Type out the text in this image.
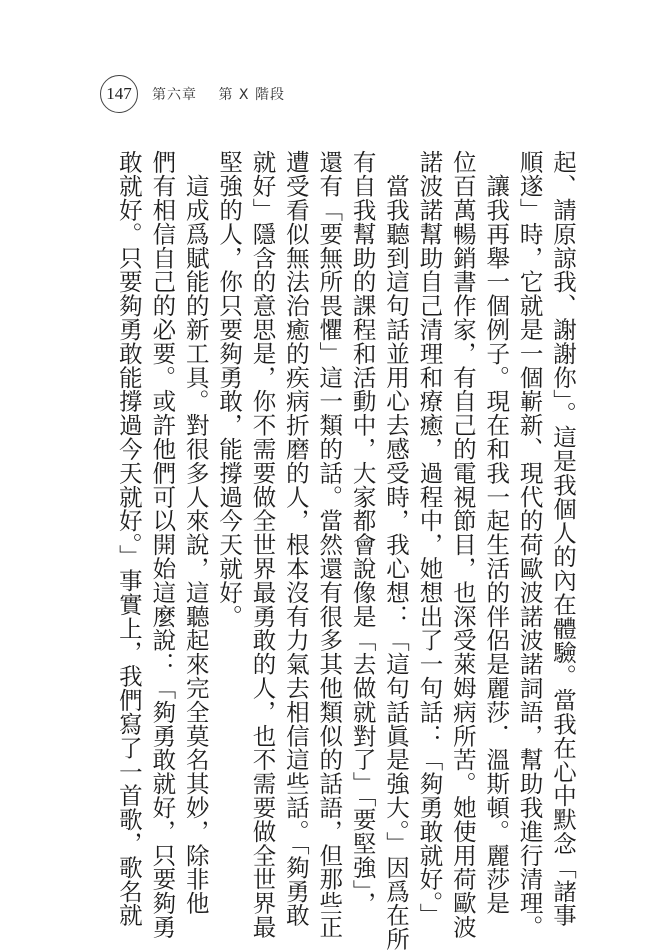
147	第六章 第 X 階段
起、請原諒我、謝謝你」。這是我個人的內在體驗。當我在心中默念「諸事
順遂」時，它就是一個嶄新、現代的荷歐波諾波諾詞語，幫助我進行清理。
　讓我再舉一個例子。現在和我一起生活的伴侶是麗莎．溫斯頓。麗莎是
位百萬暢銷書作家，有自己的電視節目，也深受萊姆病所苦。她使用荷歐波
諾波諾幫助自己清理和療癒，過程中，她想出了一句話：「夠勇敢就好。」
　當我聽到這句話並用心去感受時，我心想：「這句話眞是強大。」因爲在所
有自我幫助的課程和活動中，大家都會說像是「去做就對了」「要堅強」，
還有「要無所畏懼」這一類的話。當然還有很多其他類似的話語，但那些正
遭受看似無法治癒的疾病折磨的人，根本沒有力氣去相信這些話。「夠勇敢
就好」隱含的意思是，你不需要做全世界最勇敢的人，也不需要做全世界最
堅強的人，你只要夠勇敢，能撐過今天就好。
　這成爲賦能的新工具。對很多人來說，這聽起來完全莫名其妙，除非他
們有相信自己的必要。或許他們可以開始這麼說：「夠勇敢就好，只要夠勇
敢就好。只要夠勇敢能撐過今天就好。」事實上，我們寫了一首歌，歌名就
